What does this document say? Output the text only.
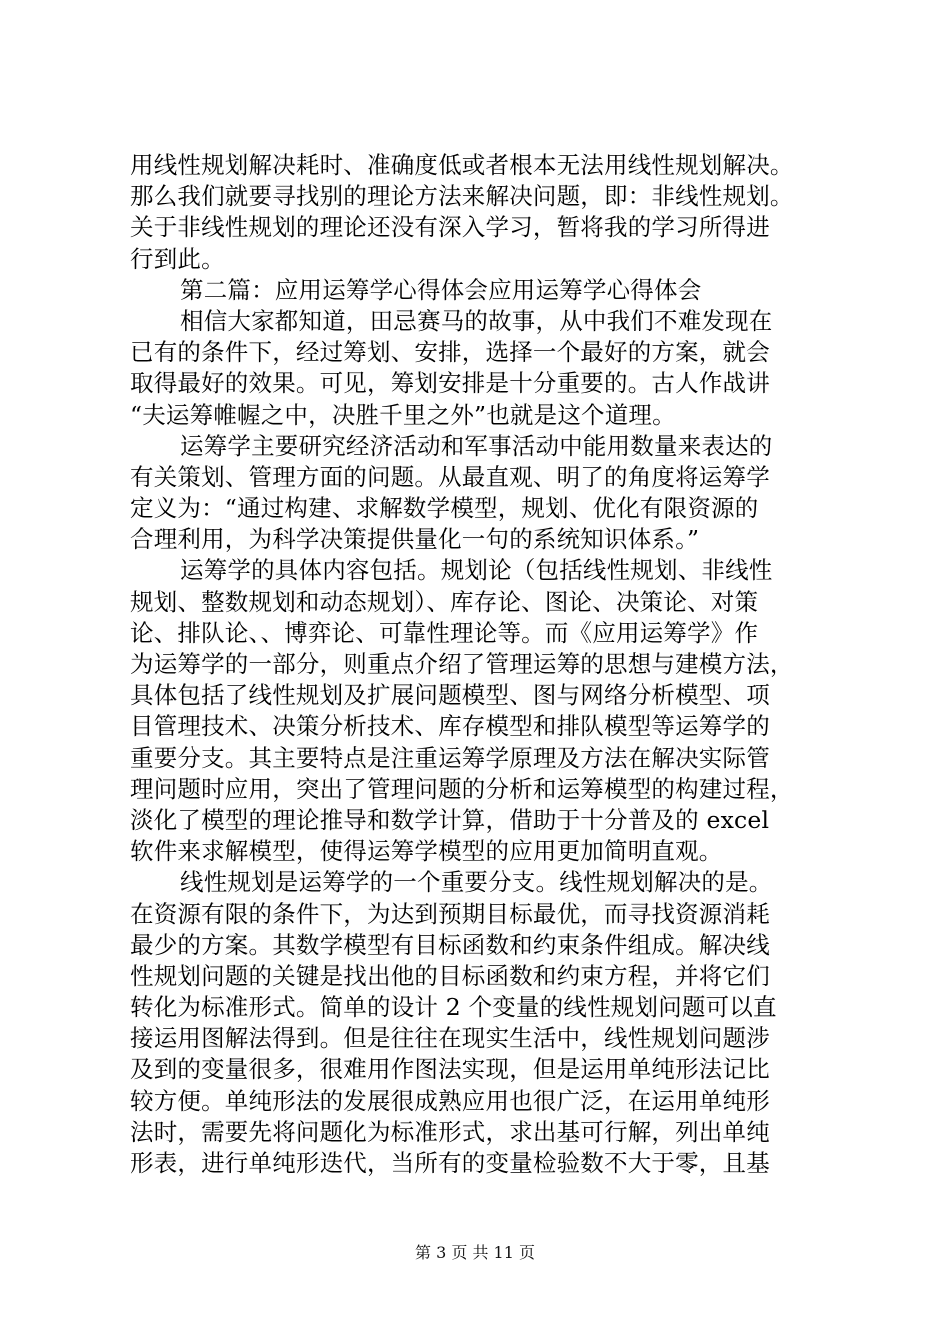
用线性规划解决耗时、准确度低或者根本无法用线性规划解决。
那么我们就要寻找别的理论方法来解决问题，即：非线性规划。
关于非线性规划的理论还没有深入学习，暂将我的学习所得进
行到此。
第二篇：应用运筹学心得体会应用运筹学心得体会
相信大家都知道，田忌赛马的故事，从中我们不难发现在
已有的条件下，经过筹划、安排，选择一个最好的方案，就会
取得最好的效果。可见，筹划安排是十分重要的。古人作战讲
“夫运筹帷幄之中，决胜千里之外”也就是这个道理。
运筹学主要研究经济活动和军事活动中能用数量来表达的
有关策划、管理方面的问题。从最直观、明了的角度将运筹学
定义为：“通过构建、求解数学模型，规划、优化有限资源的
合理利用，为科学决策提供量化一句的系统知识体系。”
运筹学的具体内容包括。规划论（包括线性规划、非线性
规划、整数规划和动态规划）、库存论、图论、决策论、对策
论、排队论、、博弈论、可靠性理论等。而《应用运筹学》作
为运筹学的一部分，则重点介绍了管理运筹的思想与建模方法，
具体包括了线性规划及扩展问题模型、图与网络分析模型、项
目管理技术、决策分析技术、库存模型和排队模型等运筹学的
重要分支。其主要特点是注重运筹学原理及方法在解决实际管
理问题时应用，突出了管理问题的分析和运筹模型的构建过程，
淡化了模型的理论推导和数学计算，借助于十分普及的 excel
软件来求解模型，使得运筹学模型的应用更加简明直观。
线性规划是运筹学的一个重要分支。线性规划解决的是。
在资源有限的条件下，为达到预期目标最优，而寻找资源消耗
最少的方案。其数学模型有目标函数和约束条件组成。解决线
性规划问题的关键是找出他的目标函数和约束方程，并将它们
转化为标准形式。简单的设计 2 个变量的线性规划问题可以直
接运用图解法得到。但是往往在现实生活中，线性规划问题涉
及到的变量很多，很难用作图法实现，但是运用单纯形法记比
较方便。单纯形法的发展很成熟应用也很广泛，在运用单纯形
法时，需要先将问题化为标准形式，求出基可行解，列出单纯
形表，进行单纯形迭代，当所有的变量检验数不大于零，且基
第 3 页 共 11 页
